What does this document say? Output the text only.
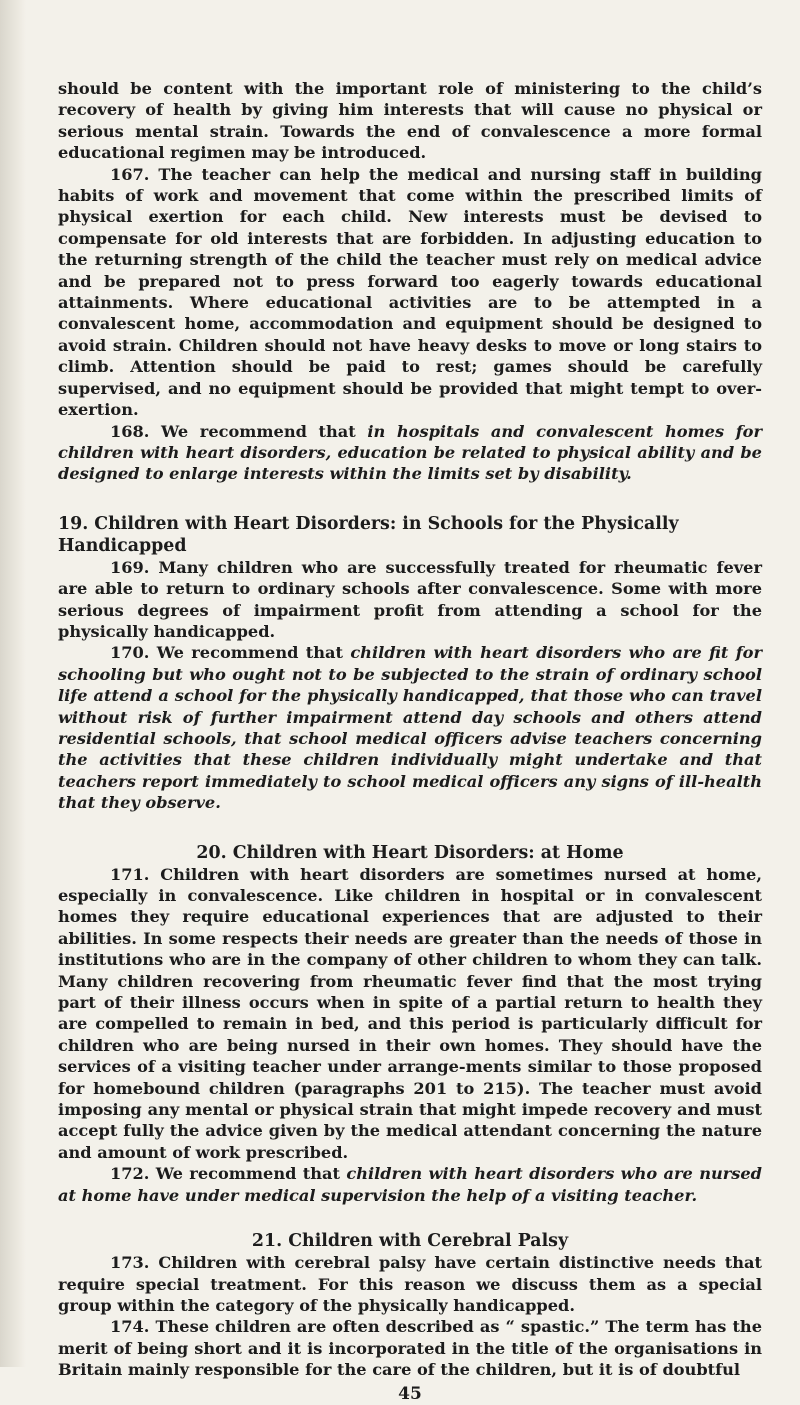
should be content with the important role of ministering to the child’s recovery of health by giving him interests that will cause no physical or serious mental strain. Towards the end of convalescence a more formal educational regimen may be introduced.

167. The teacher can help the medical and nursing staff in building habits of work and movement that come within the prescribed limits of physical exertion for each child. New interests must be devised to compensate for old interests that are forbidden. In adjusting education to the returning strength of the child the teacher must rely on medical advice and be prepared not to press forward too eagerly towards educational attainments. Where educational activities are to be attempted in a convalescent home, accommodation and equipment should be designed to avoid strain. Children should not have heavy desks to move or long stairs to climb. Attention should be paid to rest; games should be carefully supervised, and no equipment should be provided that might tempt to over-exertion.

168. We recommend that in hospitals and convalescent homes for children with heart disorders, education be related to physical ability and be designed to enlarge interests within the limits set by disability.

19. Children with Heart Disorders: in Schools for the Physically Handicapped

169. Many children who are successfully treated for rheumatic fever are able to return to ordinary schools after convalescence. Some with more serious degrees of impairment profit from attending a school for the physically handicapped.

170. We recommend that children with heart disorders who are fit for schooling but who ought not to be subjected to the strain of ordinary school life attend a school for the physically handicapped, that those who can travel without risk of further impairment attend day schools and others attend residential schools, that school medical officers advise teachers concerning the activities that these children individually might undertake and that teachers report immediately to school medical officers any signs of ill-health that they observe.

20. Children with Heart Disorders: at Home

171. Children with heart disorders are sometimes nursed at home, especially in convalescence. Like children in hospital or in convalescent homes they require educational experiences that are adjusted to their abilities. In some respects their needs are greater than the needs of those in institutions who are in the company of other children to whom they can talk. Many children recovering from rheumatic fever find that the most trying part of their illness occurs when in spite of a partial return to health they are compelled to remain in bed, and this period is particularly difficult for children who are being nursed in their own homes. They should have the services of a visiting teacher under arrange-ments similar to those proposed for homebound children (paragraphs 201 to 215). The teacher must avoid imposing any mental or physical strain that might impede recovery and must accept fully the advice given by the medical attendant concerning the nature and amount of work prescribed.

172. We recommend that children with heart disorders who are nursed at home have under medical supervision the help of a visiting teacher.

21. Children with Cerebral Palsy

173. Children with cerebral palsy have certain distinctive needs that require special treatment. For this reason we discuss them as a special group within the category of the physically handicapped.

174. These children are often described as “ spastic.” The term has the merit of being short and it is incorporated in the title of the organisations in Britain mainly responsible for the care of the children, but it is of doubtful

45
